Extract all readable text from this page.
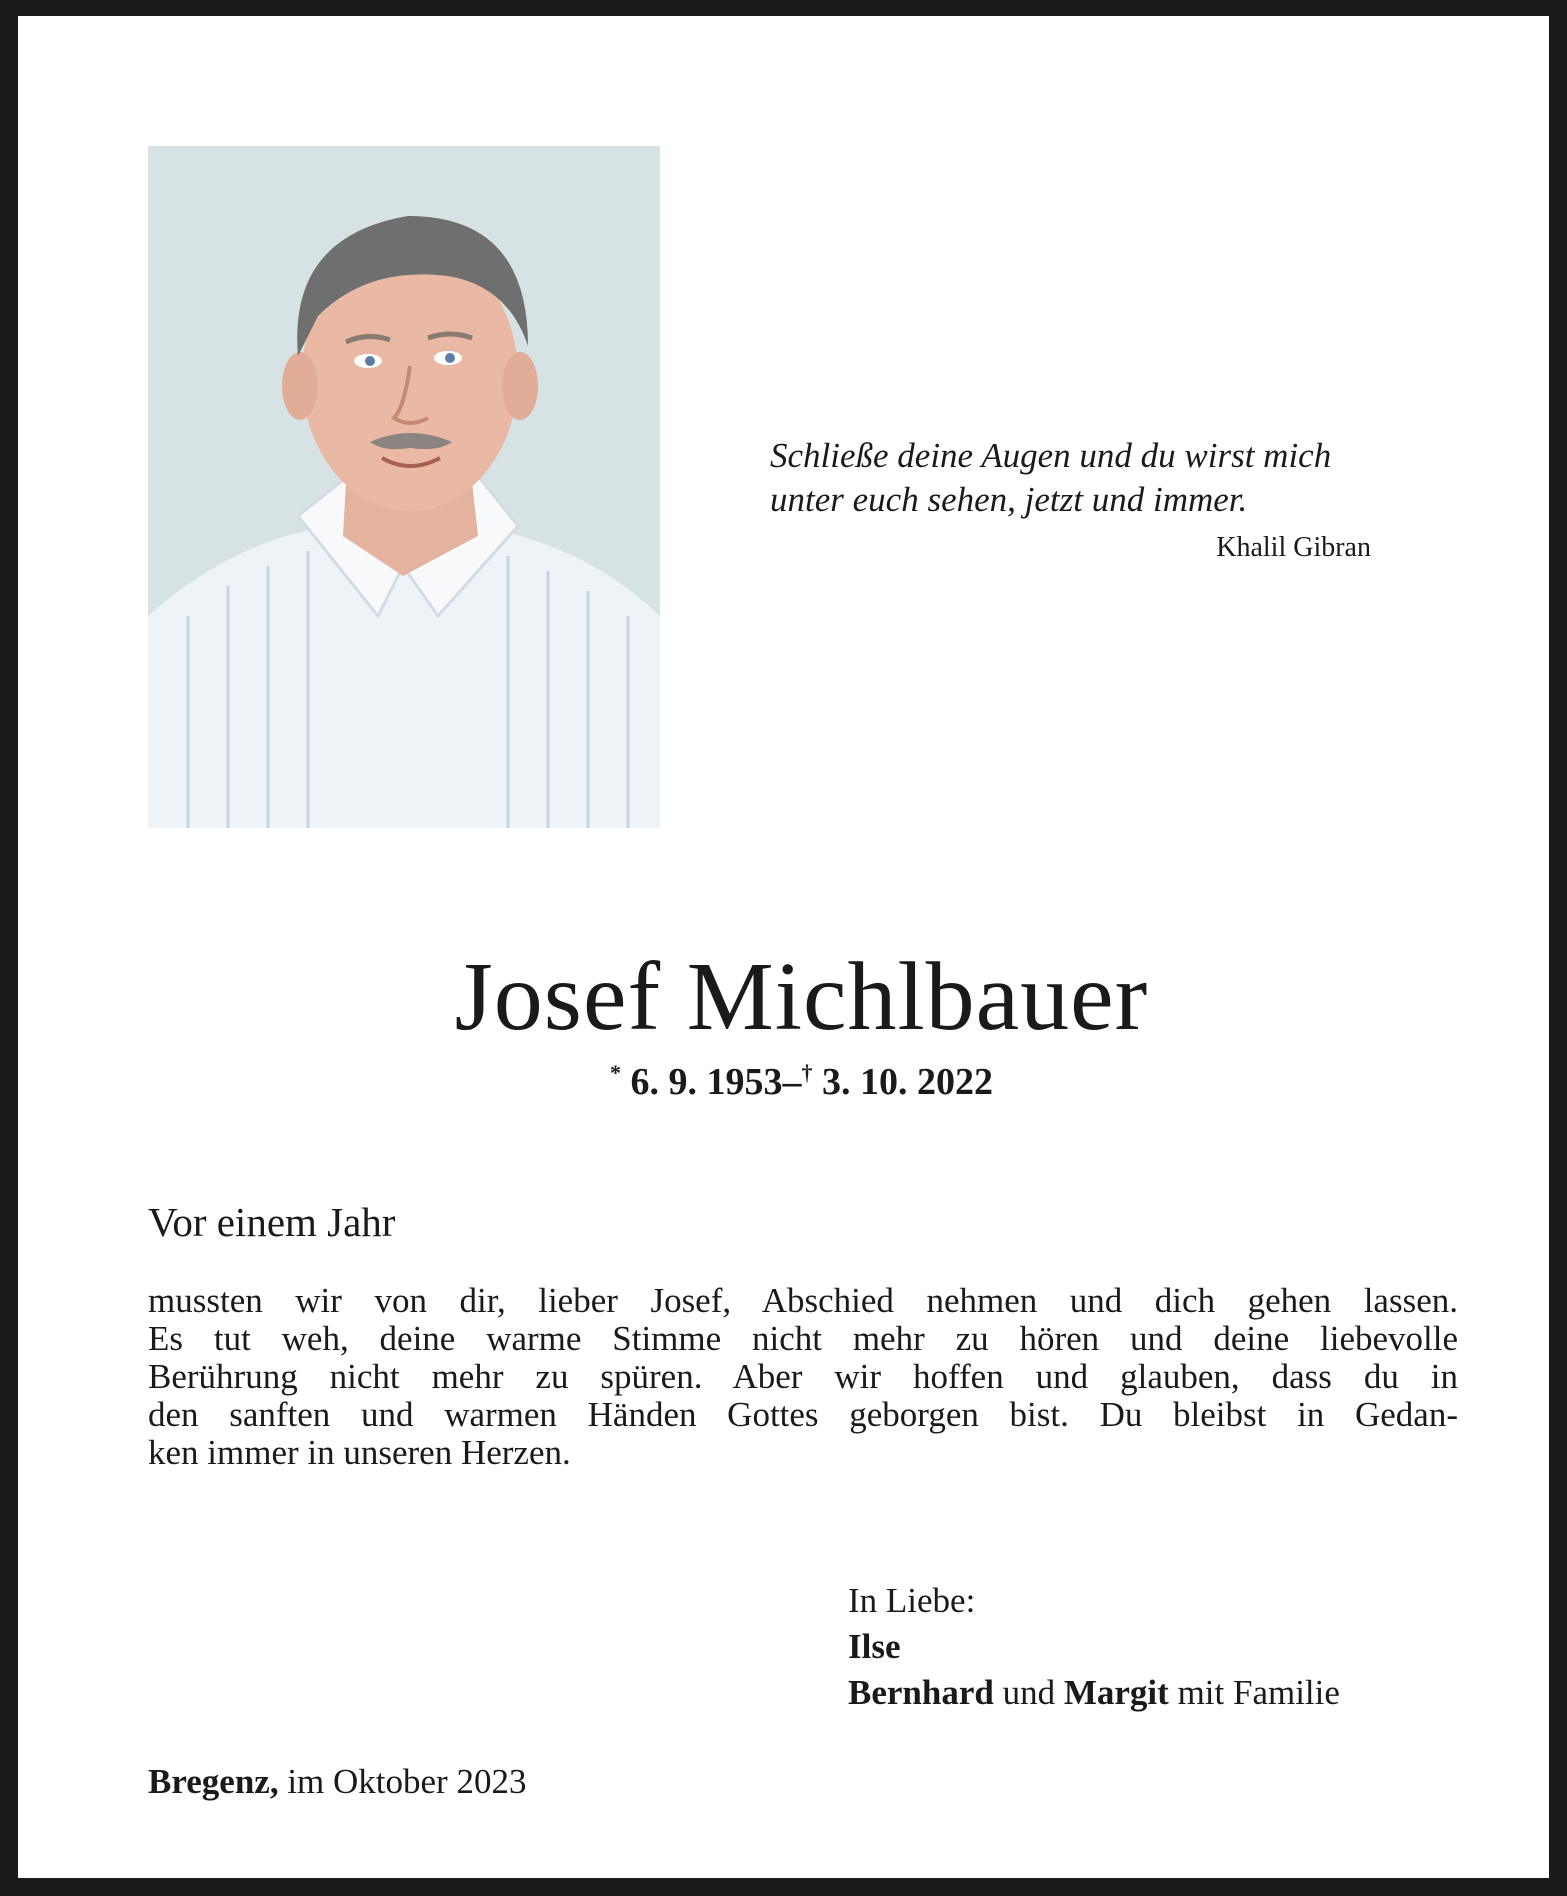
Schließe deine Augen und du wirst mich
unter euch sehen, jetzt und immer.
Khalil Gibran
Josef Michlbauer
* 6. 9. 1953–† 3. 10. 2022
Vor einem Jahr
mussten wir von dir, lieber Josef, Abschied nehmen und dich gehen lassen.
Es tut weh, deine warme Stimme nicht mehr zu hören und deine liebevolle
Berührung nicht mehr zu spüren. Aber wir hoffen und glauben, dass du in
den sanften und warmen Händen Gottes geborgen bist. Du bleibst in Gedan-
ken immer in unseren Herzen.
In Liebe:
Ilse
Bernhard und Margit mit Familie
Bregenz, im Oktober 2023
